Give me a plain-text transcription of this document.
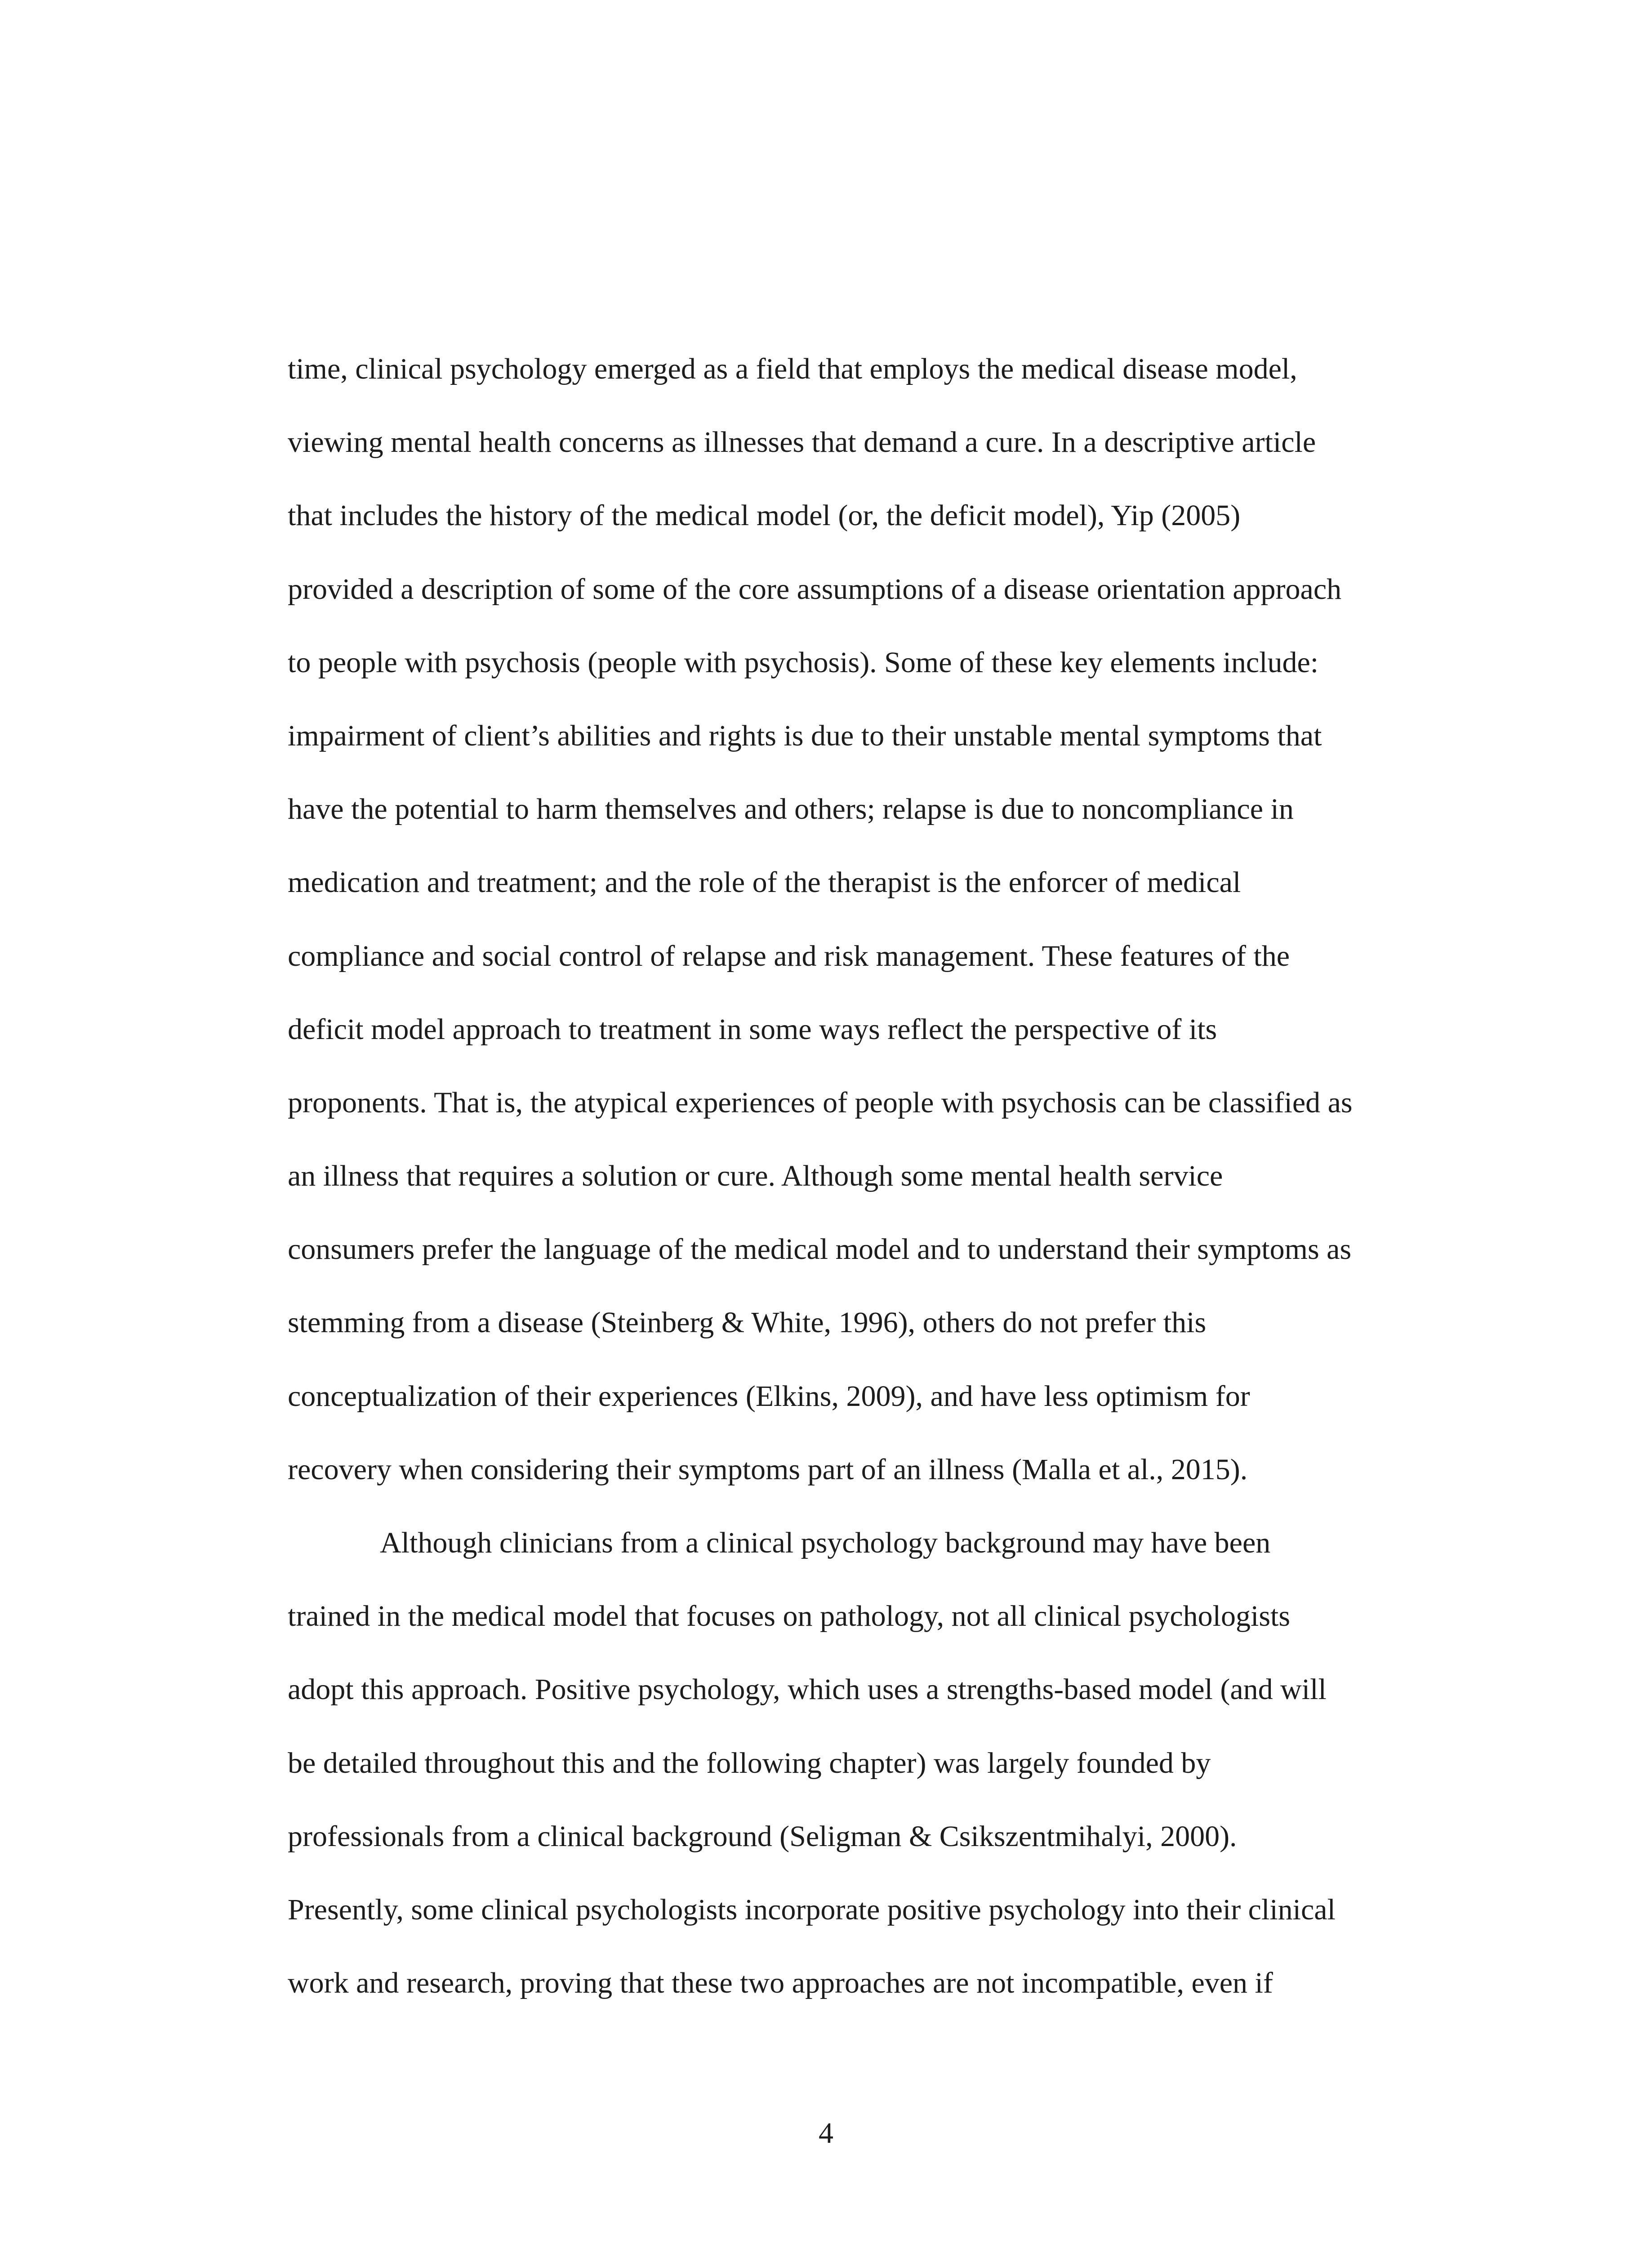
time, clinical psychology emerged as a field that employs the medical disease model,
viewing mental health concerns as illnesses that demand a cure. In a descriptive article
that includes the history of the medical model (or, the deficit model), Yip (2005)
provided a description of some of the core assumptions of a disease orientation approach
to people with psychosis (people with psychosis). Some of these key elements include:
impairment of client’s abilities and rights is due to their unstable mental symptoms that
have the potential to harm themselves and others; relapse is due to noncompliance in
medication and treatment; and the role of the therapist is the enforcer of medical
compliance and social control of relapse and risk management. These features of the
deficit model approach to treatment in some ways reflect the perspective of its
proponents. That is, the atypical experiences of people with psychosis can be classified as
an illness that requires a solution or cure. Although some mental health service
consumers prefer the language of the medical model and to understand their symptoms as
stemming from a disease (Steinberg & White, 1996), others do not prefer this
conceptualization of their experiences (Elkins, 2009), and have less optimism for
recovery when considering their symptoms part of an illness (Malla et al., 2015).
Although clinicians from a clinical psychology background may have been
trained in the medical model that focuses on pathology, not all clinical psychologists
adopt this approach. Positive psychology, which uses a strengths-based model (and will
be detailed throughout this and the following chapter) was largely founded by
professionals from a clinical background (Seligman & Csikszentmihalyi, 2000).
Presently, some clinical psychologists incorporate positive psychology into their clinical
work and research, proving that these two approaches are not incompatible, even if
4
